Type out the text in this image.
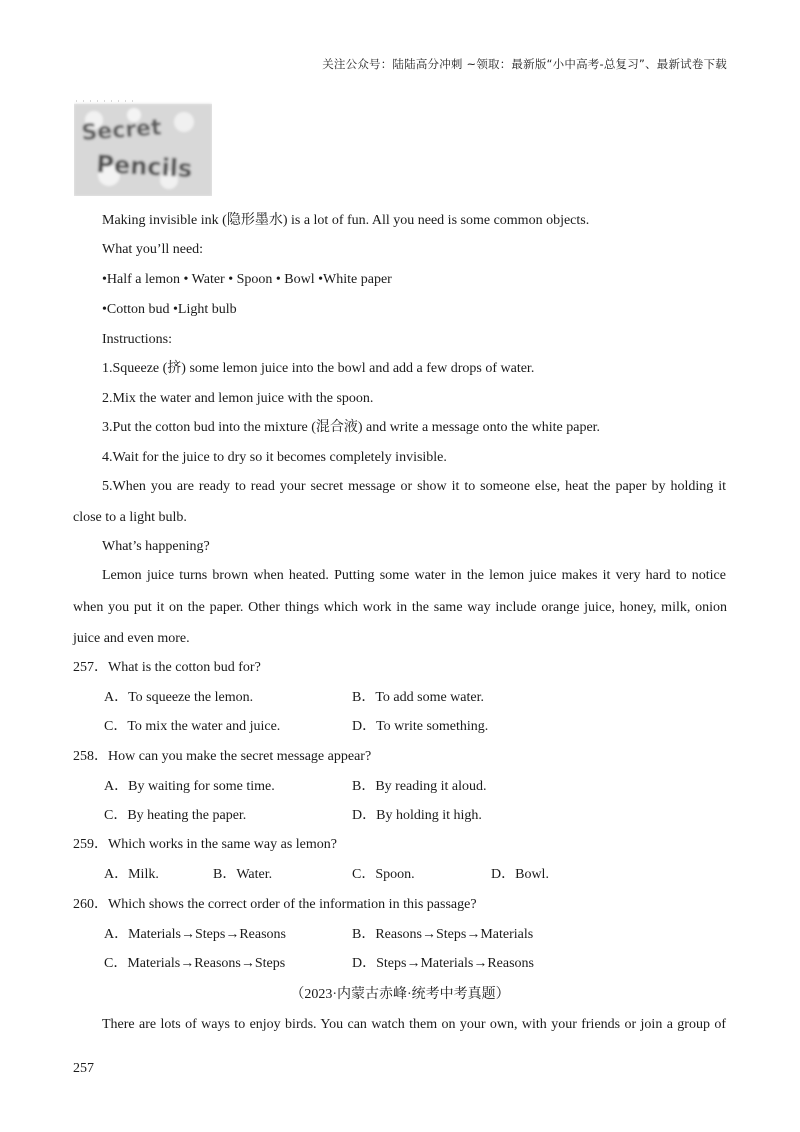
关注公众号：陆陆高分冲刺 ~领取：最新版“小中高考-总复习”、最新试卷下载
Secret
Pencils
Making invisible ink (隐形墨水) is a lot of fun. All you need is some common objects.
What you’ll need:
•Half a lemon • Water • Spoon • Bowl •White paper
•Cotton bud •Light bulb
Instructions:
1.Squeeze (挤) some lemon juice into the bowl and add a few drops of water.
2.Mix the water and lemon juice with the spoon.
3.Put the cotton bud into the mixture (混合液) and write a message onto the white paper.
4.Wait for the juice to dry so it becomes completely invisible.
5.When you are ready to read your secret message or show it to someone else, heat the paper by holding it
close to a light bulb.
What’s happening?
Lemon juice turns brown when heated. Putting some water in the lemon juice makes it very hard to notice
when you put it on the paper. Other things which work in the same way include orange juice, honey, milk, onion
juice and even more.
257．What is the cotton bud for?
A．To squeeze the lemon.	B．To add some water.
C．To mix the water and juice.	D．To write something.
258．How can you make the secret message appear?
A．By waiting for some time.	B．By reading it aloud.
C．By heating the paper.	D．By holding it high.
259．Which works in the same way as lemon?
A．Milk.	B．Water.	C．Spoon.	D．Bowl.
260．Which shows the correct order of the information in this passage?
A．Materials→Steps→Reasons	B．Reasons→Steps→Materials
C．Materials→Reasons→Steps	D．Steps→Materials→Reasons
（2023·内蒙古赤峰·统考中考真题）
There are lots of ways to enjoy birds. You can watch them on your own, with your friends or join a group of
257
